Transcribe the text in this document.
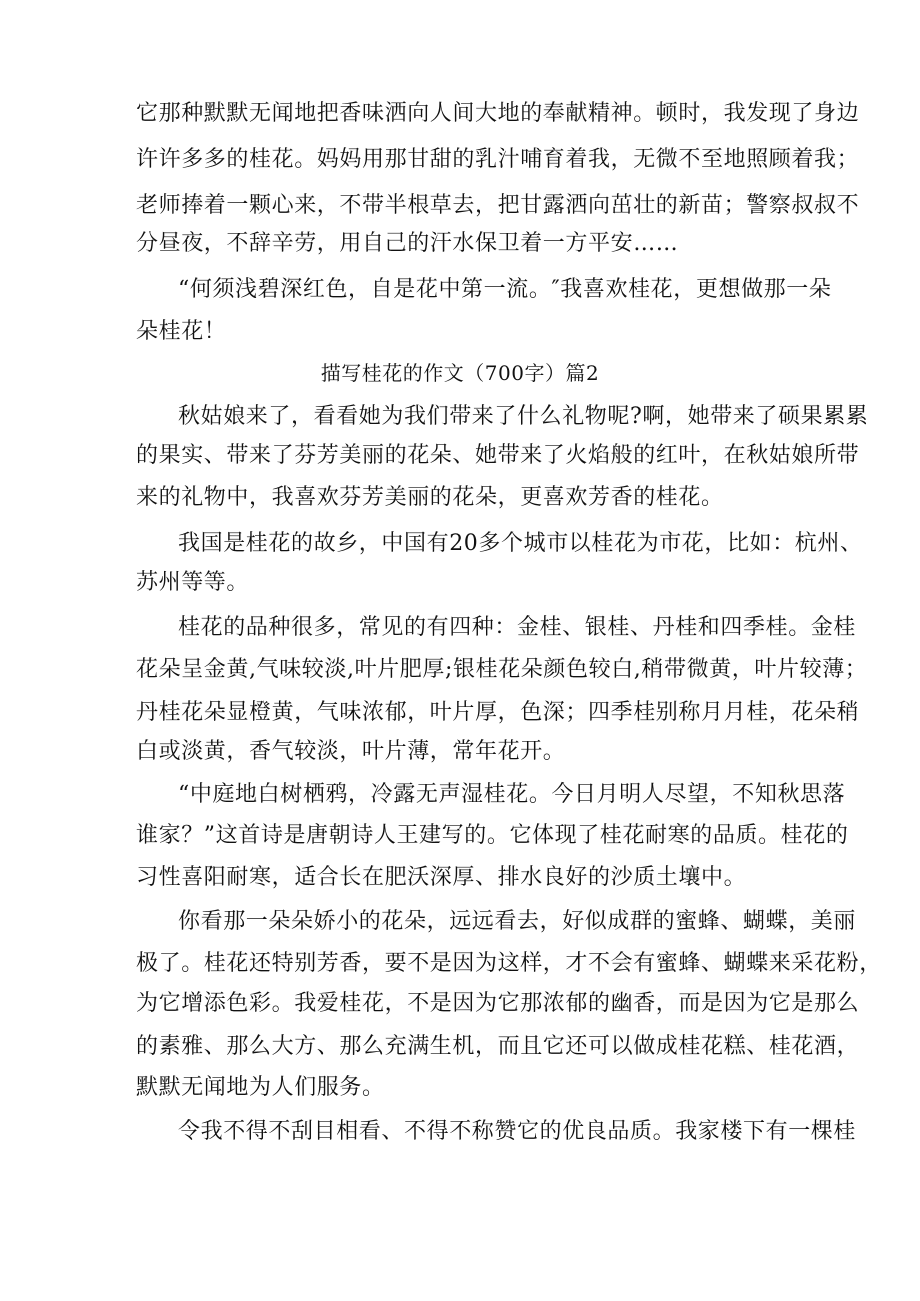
它那种默默无闻地把香味洒向人间大地的奉献精神。顿时，我发现了身边
许许多多的桂花。妈妈用那甘甜的乳汁哺育着我，无微不至地照顾着我；
老师捧着一颗心来，不带半根草去，把甘露洒向茁壮的新苗；警察叔叔不
分昼夜，不辞辛劳，用自己的汗水保卫着一方平安……
“何须浅碧深红色，自是花中第一流。″我喜欢桂花，更想做那一朵
朵桂花！
描写桂花的作文（700字）篇2
秋姑娘来了，看看她为我们带来了什么礼物呢?啊，她带来了硕果累累
的果实、带来了芬芳美丽的花朵、她带来了火焰般的红叶，在秋姑娘所带
来的礼物中，我喜欢芬芳美丽的花朵，更喜欢芳香的桂花。
我国是桂花的故乡，中国有20多个城市以桂花为市花，比如：杭州、
苏州等等。
桂花的品种很多，常见的有四种：金桂、银桂、丹桂和四季桂。金桂
花朵呈金黄,气味较淡,叶片肥厚;银桂花朵颜色较白,稍带微黄，叶片较薄；
丹桂花朵显橙黄，气味浓郁，叶片厚，色深；四季桂别称月月桂，花朵稍
白或淡黄，香气较淡，叶片薄，常年花开。
“中庭地白树栖鸦，冷露无声湿桂花。今日月明人尽望，不知秋思落
谁家？”这首诗是唐朝诗人王建写的。它体现了桂花耐寒的品质。桂花的
习性喜阳耐寒，适合长在肥沃深厚、排水良好的沙质土壤中。
你看那一朵朵娇小的花朵，远远看去，好似成群的蜜蜂、蝴蝶，美丽
极了。桂花还特别芳香，要不是因为这样，才不会有蜜蜂、蝴蝶来采花粉，
为它增添色彩。我爱桂花，不是因为它那浓郁的幽香，而是因为它是那么
的素雅、那么大方、那么充满生机，而且它还可以做成桂花糕、桂花酒，
默默无闻地为人们服务。
令我不得不刮目相看、不得不称赞它的优良品质。我家楼下有一棵桂
